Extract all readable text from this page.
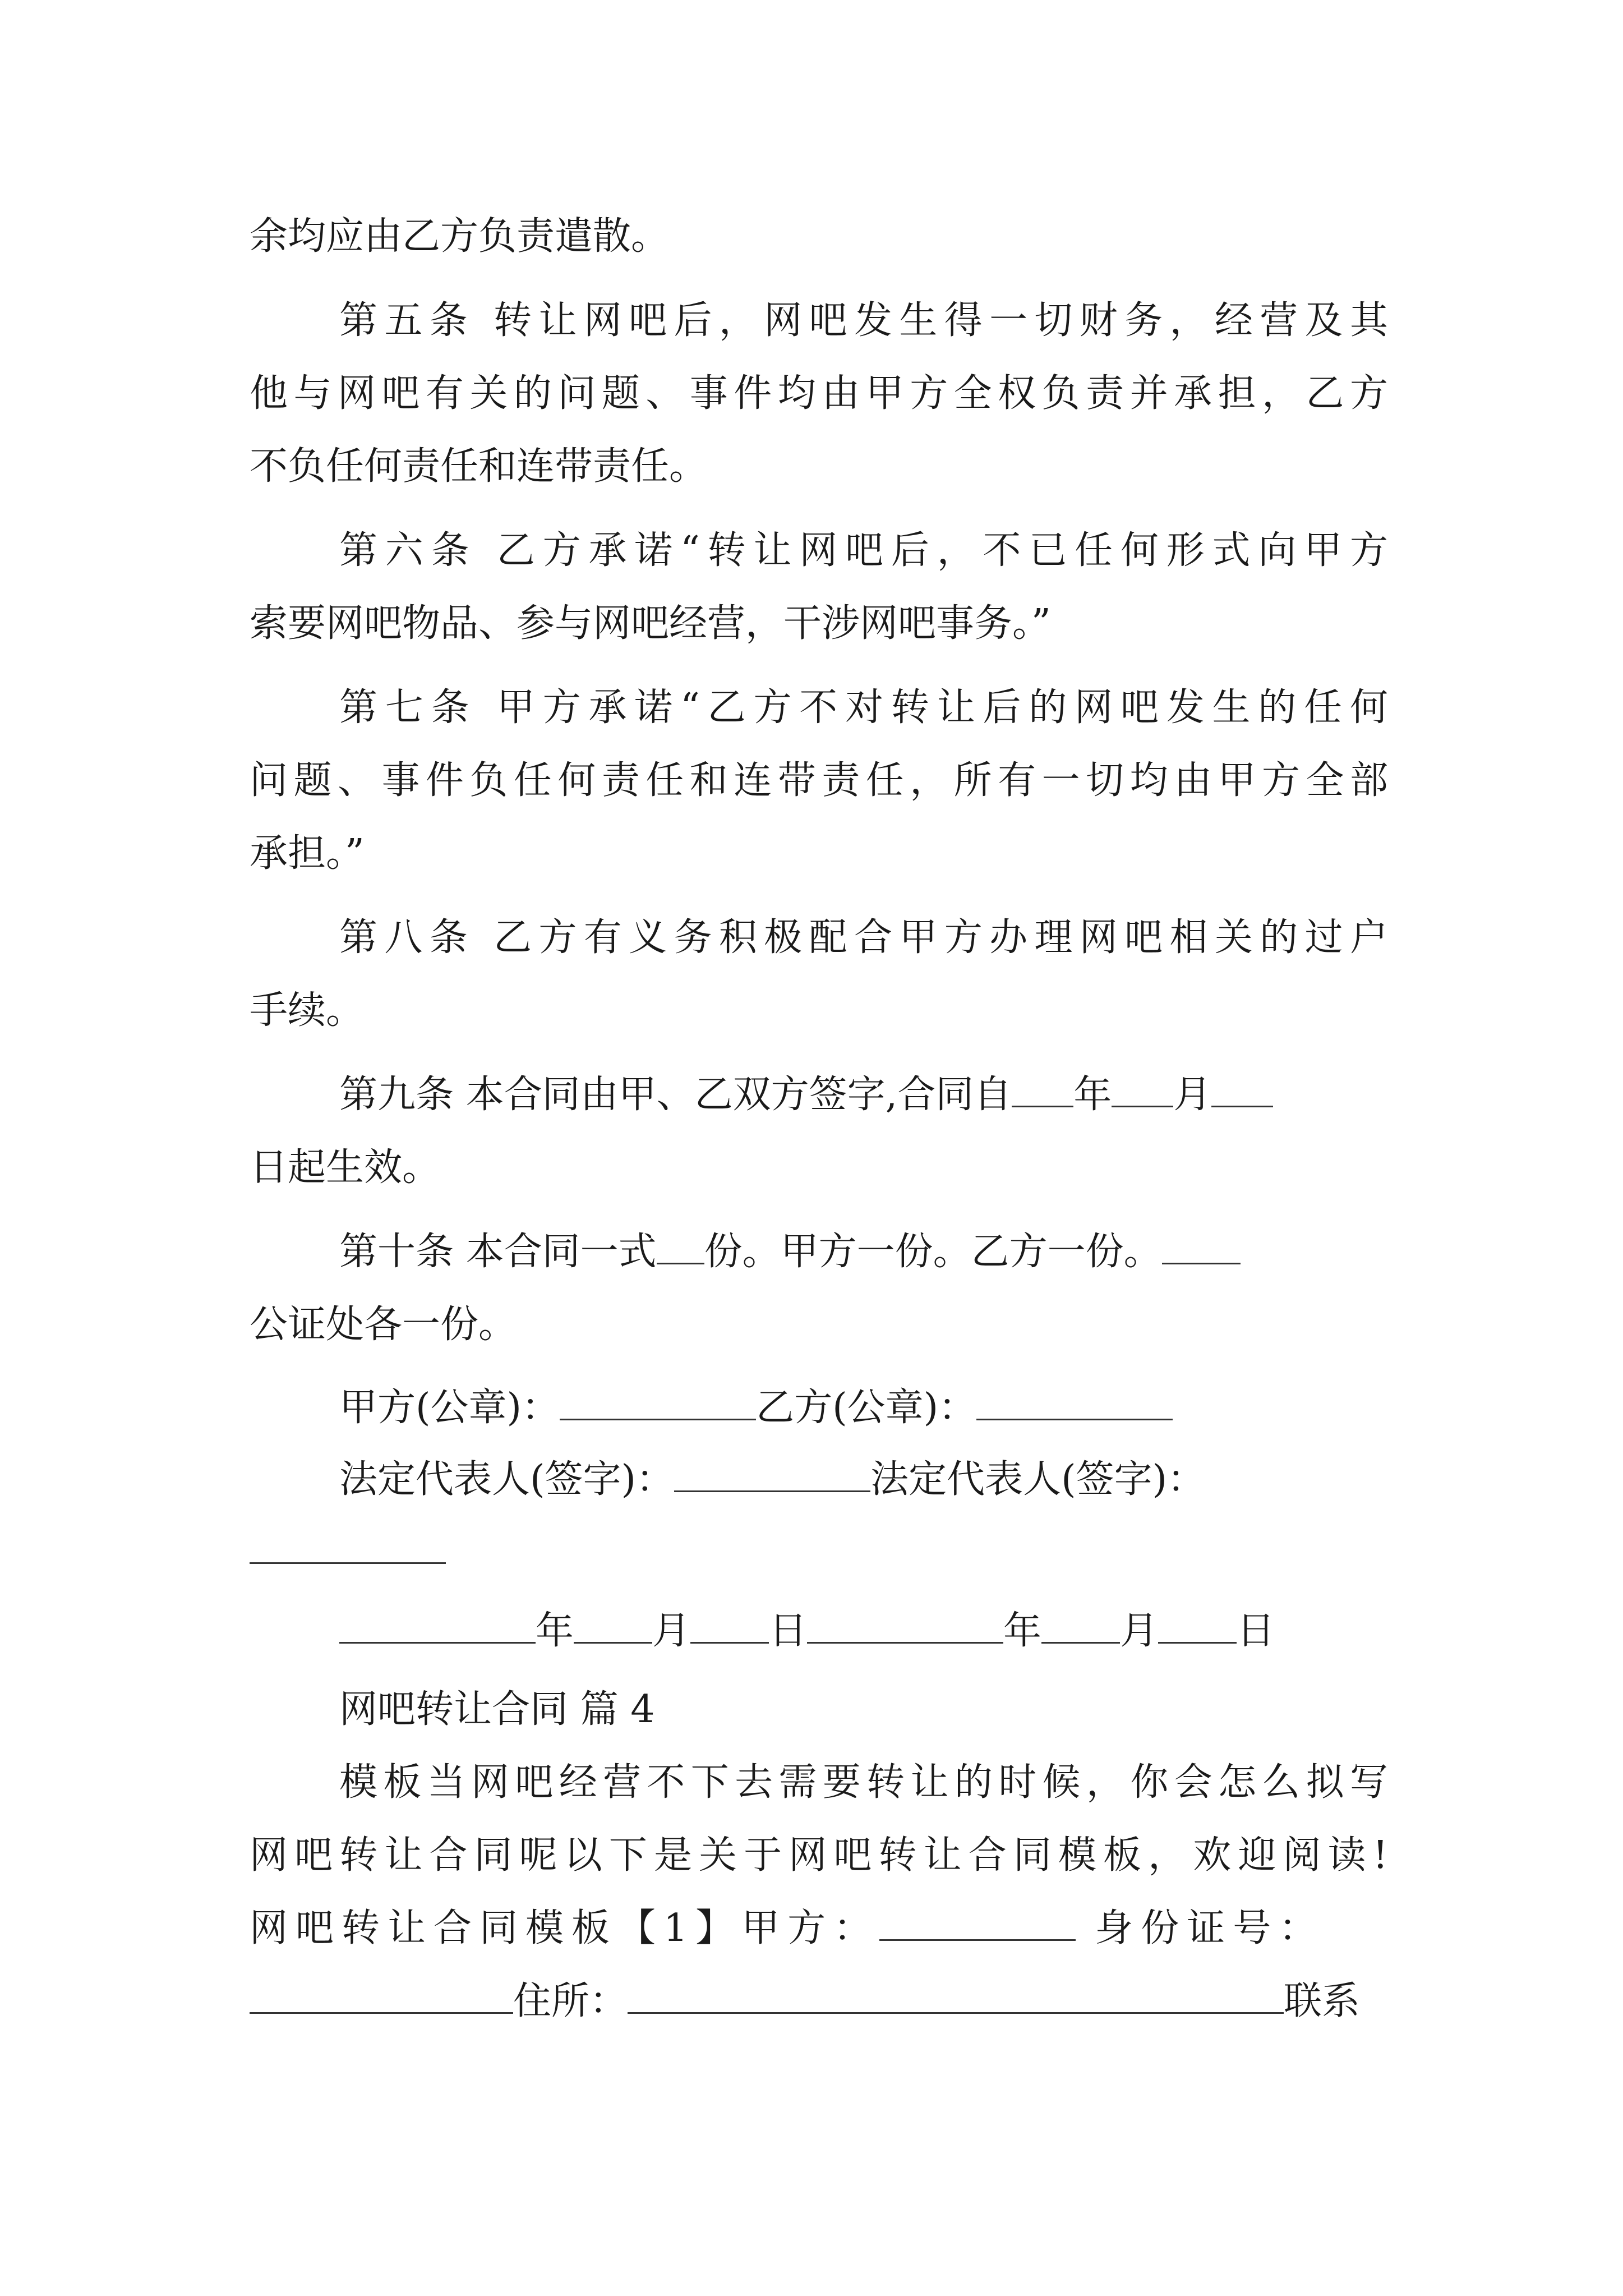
余均应由乙方负责遣散。
第五条 转让网吧后，网吧发生得一切财务，经营及其
他与网吧有关的问题、事件均由甲方全权负责并承担，乙方
不负任何责任和连带责任。
第六条 乙方承诺“转让网吧后，不已任何形式向甲方
索要网吧物品、参与网吧经营，干涉网吧事务。”
第七条 甲方承诺“乙方不对转让后的网吧发生的任何
问题、事件负任何责任和连带责任，所有一切均由甲方全部
承担。”
第八条 乙方有义务积极配合甲方办理网吧相关的过户
手续。
第九条 本合同由甲、乙双方签字,合同自 年 月
日起生效。
第十条 本合同一式 份。甲方一份。乙方一份。
公证处各一份。
甲方(公章)：	乙方(公章)：
法定代表人(签字)：	法定代表人(签字)：
年 月 日	年 月 日
网吧转让合同 篇 4
模板当网吧经营不下去需要转让的时候，你会怎么拟写
网吧转让合同呢以下是关于网吧转让合同模板，欢迎阅读!
网吧转让合同模板【1】甲方：	身份证号：
住所：	联系
